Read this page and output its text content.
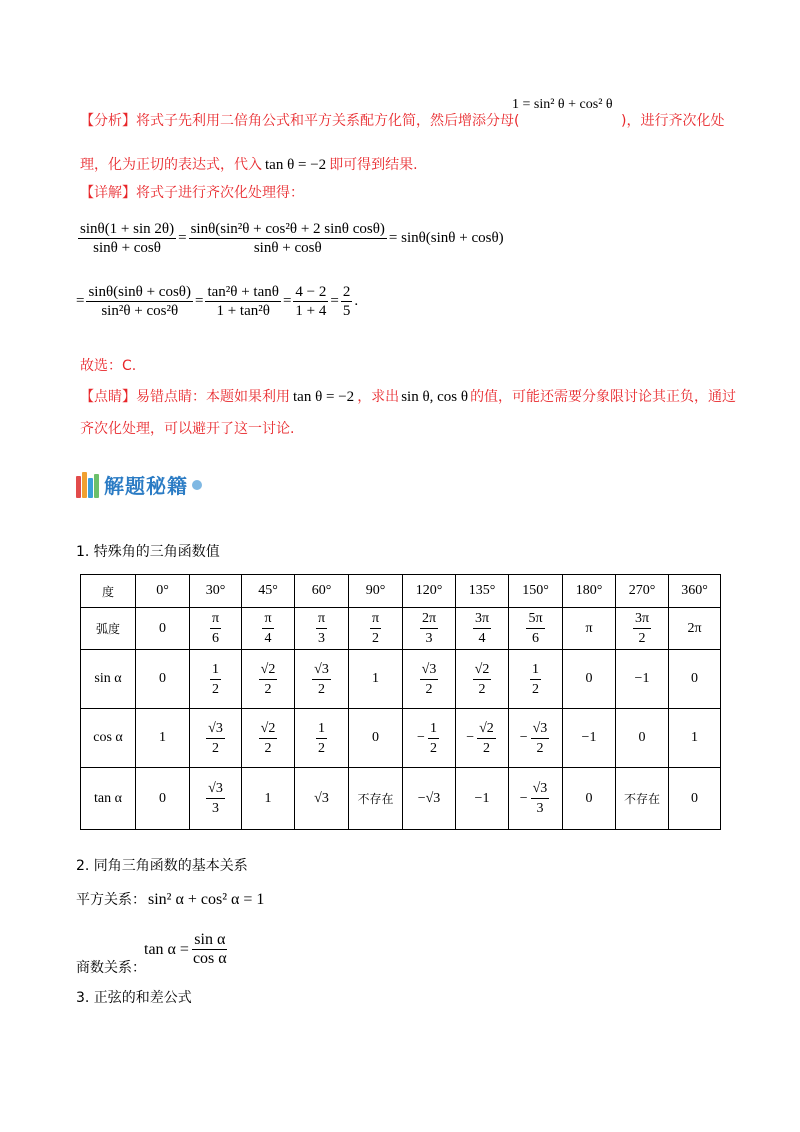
【分析】将式子先利用二倍角公式和平方关系配方化简，然后增添分母(
1 = sin² θ + cos² θ
)，进行齐次化处
理，化为正切的表达式，代入 tan θ = −2 即可得到结果.
【详解】将式子进行齐次化处理得：
$\frac{\sin\theta(1 + \sin 2\theta)}{\sin\theta + \cos\theta} = \frac{\text{sinθ(sin²θ + cos²θ + 2 sinθ cosθ)}}{\sin\theta + \cos\theta} = \sin\theta(\sin\theta + \cos\theta)$
= $\frac{\sin\theta(\sin\theta + \cos\theta)}{\text{sin²θ + cos²θ}} = \frac{\text{tan²θ + tanθ}}{\text{1 + tan²θ}} = \frac{4 - 2}{1 + 4} = \frac{2}{5}$ .
故选：C.
【点睛】易错点睛：本题如果利用 tan θ = −2 ，求出 sin θ, cos θ 的值，可能还需要分象限讨论其正负，通过
齐次化处理，可以避开了这一讨论.
解题秘籍
1. 特殊角的三角函数值
度	0°	30°	45°	60°	90°	120°	135°	150°	180°	270°	360°
弧度	0	$\frac{\pi}{6}$	$\frac{\pi}{4}$	$\frac{\pi}{3}$	$\frac{\pi}{2}$	$\frac{2\pi}{3}$	$\frac{3\pi}{4}$	$\frac{5\pi}{6}$	π	$\frac{3\pi}{2}$	2π
sin α	0	$\frac{1}{2}$	$\frac{√2}{2}$	$\frac{√3}{2}$	1	$\frac{√3}{2}$	$\frac{√2}{2}$	$\frac{1}{2}$	0	−1	0
cos α	1	$\frac{√3}{2}$	$\frac{√2}{2}$	$\frac{1}{2}$	0	− $\frac{1}{2}$	− $\frac{√2}{2}$	− $\frac{√3}{2}$	−1	0	1
tan α	0	$\frac{√3}{3}$	1	√3	不存在	−√3	−1	− $\frac{√3}{3}$	0	不存在	0
2. 同角三角函数的基本关系
平方关系： sin² α + cos² α = 1
$\tan \alpha = \frac{\text{sin α}}{\text{cos α}}$
商数关系：
3. 正弦的和差公式
